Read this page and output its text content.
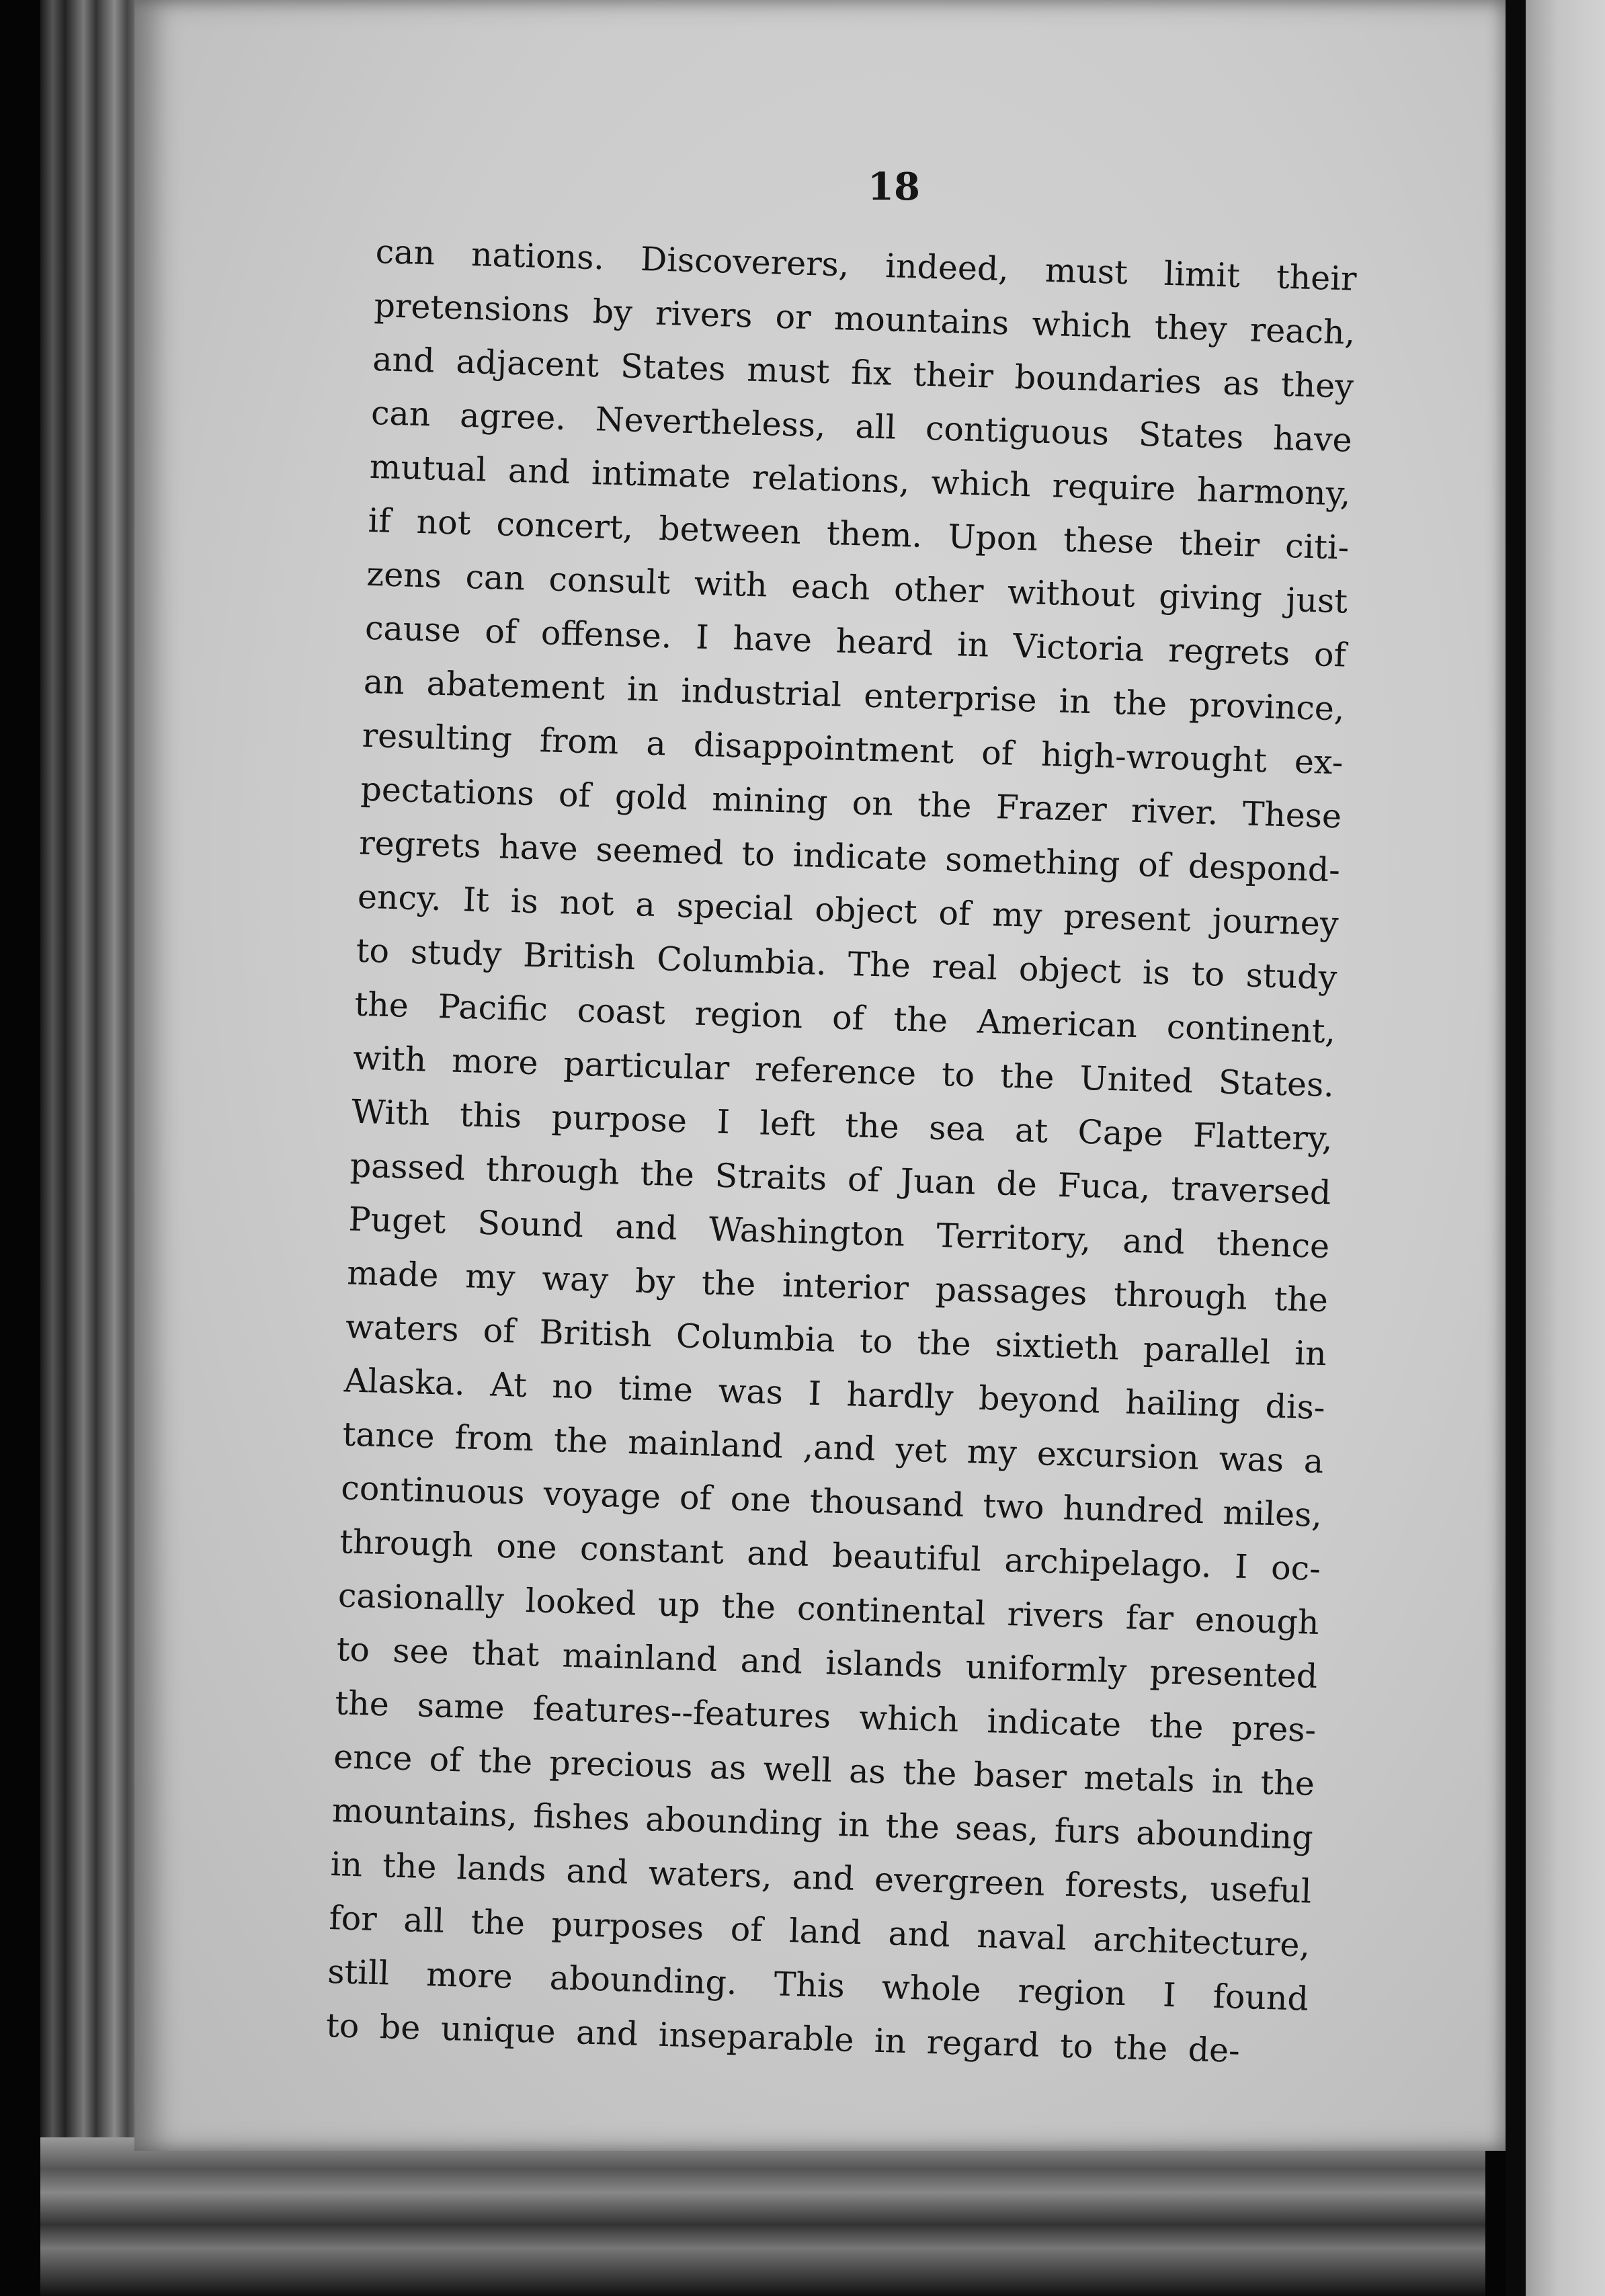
18
can nations. Discoverers, indeed, must limit their
pretensions by rivers or mountains which they reach,
and adjacent States must fix their boundaries as they
can agree. Nevertheless, all contiguous States have
mutual and intimate relations, which require harmony,
if not concert, between them. Upon these their citi-
zens can consult with each other without giving just
cause of offense. I have heard in Victoria regrets of
an abatement in industrial enterprise in the province,
resulting from a disappointment of high-wrought ex-
pectations of gold mining on the Frazer river. These
regrets have seemed to indicate something of despond-
ency. It is not a special object of my present journey
to study British Columbia. The real object is to study
the Pacific coast region of the American continent,
with more particular reference to the United States.
With this purpose I left the sea at Cape Flattery,
passed through the Straits of Juan de Fuca, traversed
Puget Sound and Washington Territory, and thence
made my way by the interior passages through the
waters of British Columbia to the sixtieth parallel in
Alaska. At no time was I hardly beyond hailing dis-
tance from the mainland ,and yet my excursion was a
continuous voyage of one thousand two hundred miles,
through one constant and beautiful archipelago. I oc-
casionally looked up the continental rivers far enough
to see that mainland and islands uniformly presented
the same features--features which indicate the pres-
ence of the precious as well as the baser metals in the
mountains, fishes abounding in the seas, furs abounding
in the lands and waters, and evergreen forests, useful
for all the purposes of land and naval architecture,
still more abounding. This whole region I found
to be unique and inseparable in regard to the de-
